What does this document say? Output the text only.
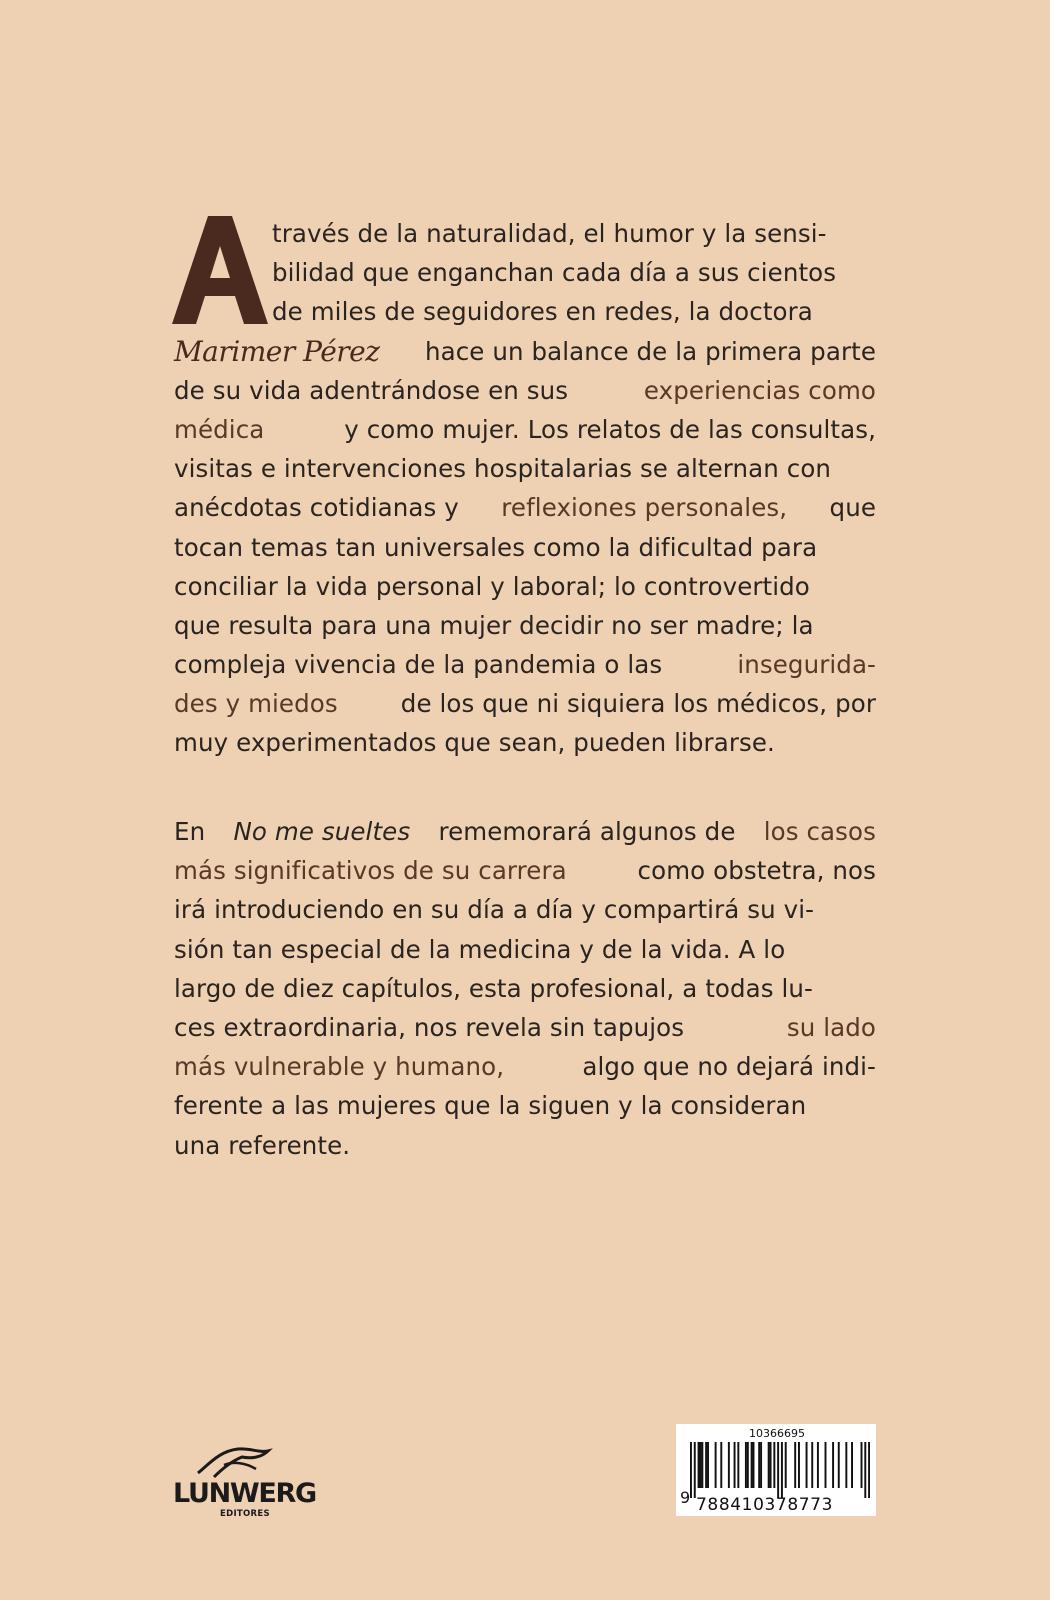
través de la naturalidad, el humor y la sensi-
bilidad que enganchan cada día a sus cientos
de miles de seguidores en redes, la doctora
Marimer Pérez hace un balance de la primera parte
de su vida adentrándose en sus	experiencias como
médica	y como mujer. Los relatos de las consultas,
visitas e intervenciones hospitalarias se alternan con
anécdotas cotidianas y reflexiones personales, que
tocan temas tan universales como la dificultad para
conciliar la vida personal y laboral; lo controvertido
que resulta para una mujer decidir no ser madre; la
compleja vivencia de la pandemia o las	insegurida-
des y miedos	de los que ni siquiera los médicos, por
muy experimentados que sean, pueden librarse.
En No me sueltes rememorará algunos de los casos
más significativos de su carrera	como obstetra, nos
irá introduciendo en su día a día y compartirá su vi-
sión tan especial de la medicina y de la vida. A lo
largo de diez capítulos, esta profesional, a todas lu-
ces extraordinaria, nos revela sin tapujos	su lado
más vulnerable y humano,	algo que no dejará indi-
ferente a las mujeres que la siguen y la consideran
una referente.
LUNWERG
EDITORES
10366695
9 788410378773
